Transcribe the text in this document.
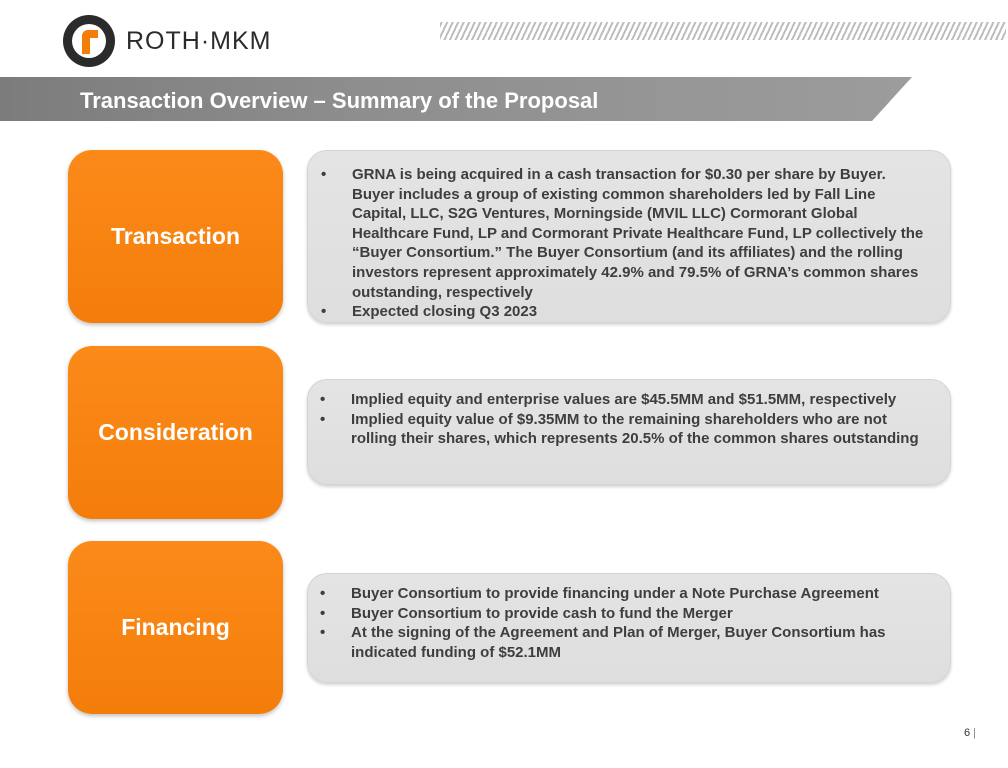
ROTH·MKM
Transaction Overview – Summary of the Proposal
Transaction
• GRNA is being acquired in a cash transaction for $0.30 per share by Buyer. Buyer includes a group of existing common shareholders led by Fall Line Capital, LLC, S2G Ventures, Morningside (MVIL LLC) Cormorant Global Healthcare Fund, LP and Cormorant Private Healthcare Fund, LP collectively the “Buyer Consortium.” The Buyer Consortium (and its affiliates) and the rolling investors represent approximately 42.9% and 79.5% of GRNA’s common shares outstanding, respectively
• Expected closing Q3 2023
Consideration
• Implied equity and enterprise values are $45.5MM and $51.5MM, respectively
• Implied equity value of $9.35MM to the remaining shareholders who are not rolling their shares, which represents 20.5% of the common shares outstanding
Financing
• Buyer Consortium to provide financing under a Note Purchase Agreement
• Buyer Consortium to provide cash to fund the Merger
• At the signing of the Agreement and Plan of Merger, Buyer Consortium has indicated funding of $52.1MM
6 |
